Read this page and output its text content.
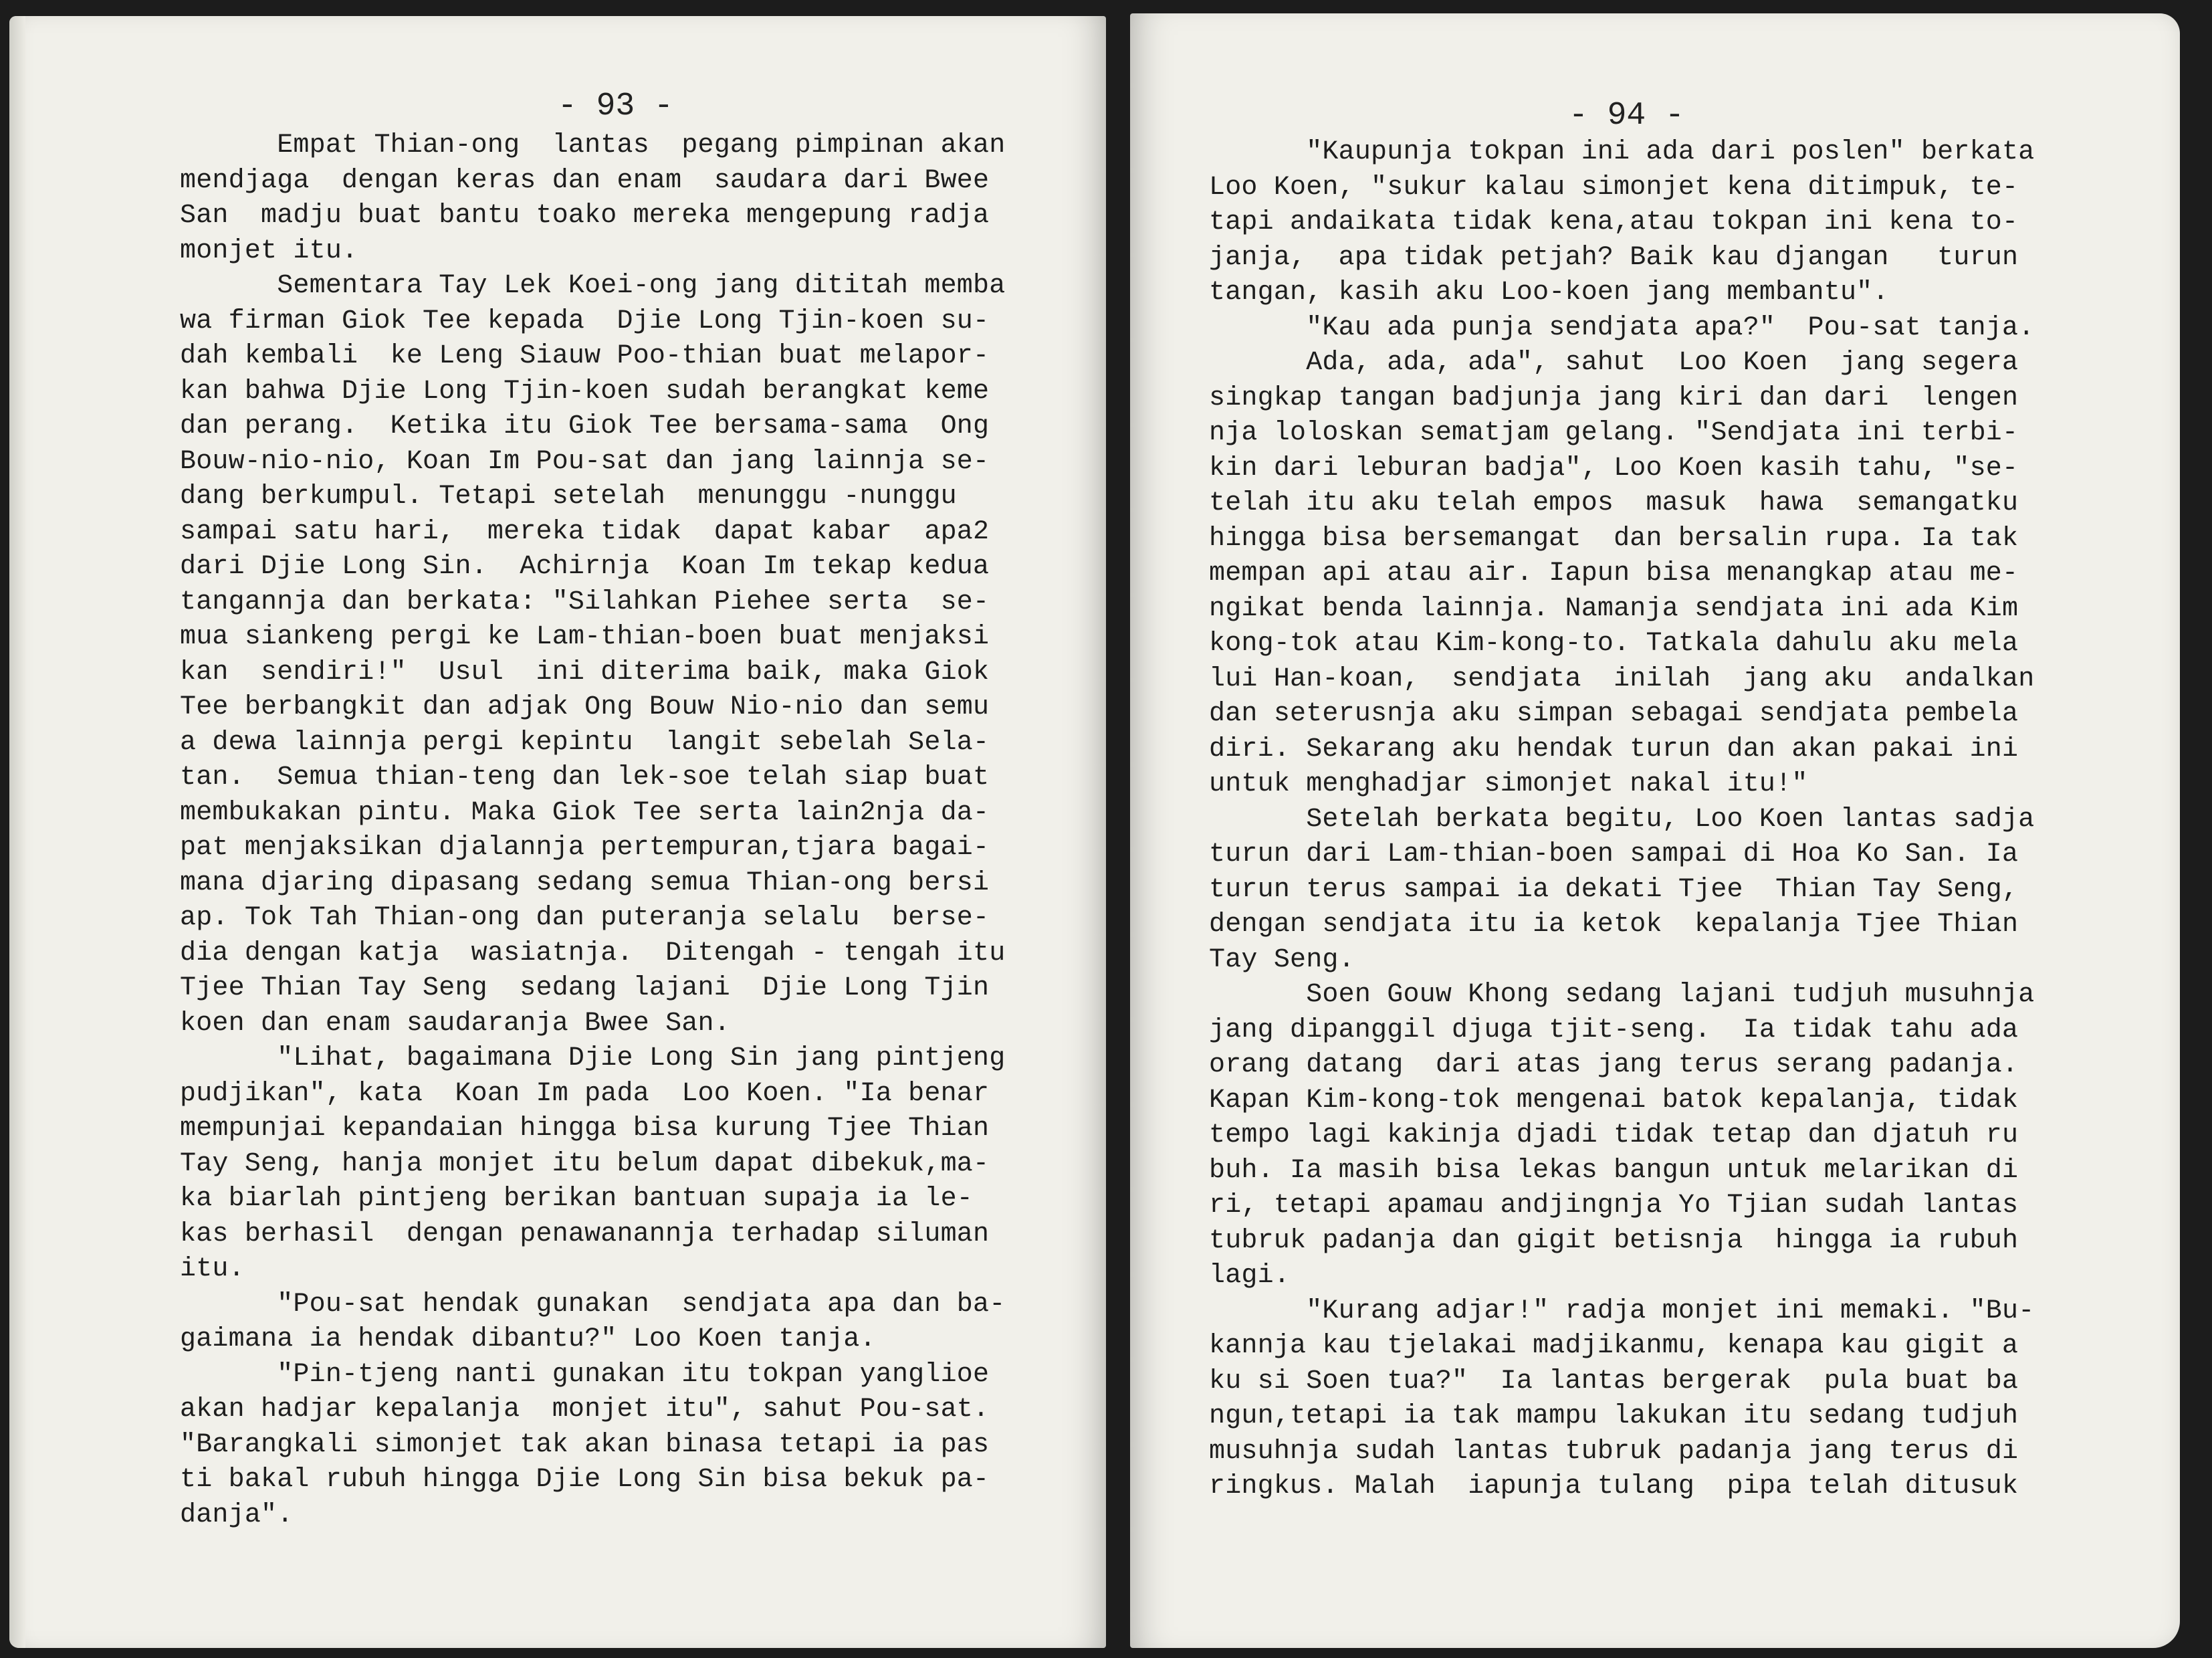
- 93 -
Empat Thian-ong  lantas  pegang pimpinan akan
mendjaga  dengan keras dan enam  saudara dari Bwee
San  madju buat bantu toako mereka mengepung radja
monjet itu.
Sementara Tay Lek Koei-ong jang dititah memba
wa firman Giok Tee kepada  Djie Long Tjin-koen su-
dah kembali  ke Leng Siauw Poo-thian buat melapor-
kan bahwa Djie Long Tjin-koen sudah berangkat keme
dan perang.  Ketika itu Giok Tee bersama-sama  Ong
Bouw-nio-nio, Koan Im Pou-sat dan jang lainnja se-
dang berkumpul. Tetapi setelah  menunggu -nunggu
sampai satu hari,  mereka tidak  dapat kabar  apa2
dari Djie Long Sin.  Achirnja  Koan Im tekap kedua
tangannja dan berkata: "Silahkan Piehee serta  se-
mua siankeng pergi ke Lam-thian-boen buat menjaksi
kan  sendiri!"  Usul  ini diterima baik, maka Giok
Tee berbangkit dan adjak Ong Bouw Nio-nio dan semu
a dewa lainnja pergi kepintu  langit sebelah Sela-
tan.  Semua thian-teng dan lek-soe telah siap buat
membukakan pintu. Maka Giok Tee serta lain2nja da-
pat menjaksikan djalannja pertempuran,tjara bagai-
mana djaring dipasang sedang semua Thian-ong bersi
ap. Tok Tah Thian-ong dan puteranja selalu  berse-
dia dengan katja  wasiatnja.  Ditengah - tengah itu
Tjee Thian Tay Seng  sedang lajani  Djie Long Tjin
koen dan enam saudaranja Bwee San.
"Lihat, bagaimana Djie Long Sin jang pintjeng
pudjikan", kata  Koan Im pada  Loo Koen. "Ia benar
mempunjai kepandaian hingga bisa kurung Tjee Thian
Tay Seng, hanja monjet itu belum dapat dibekuk,ma-
ka biarlah pintjeng berikan bantuan supaja ia le-
kas berhasil  dengan penawanannja terhadap siluman
itu.
"Pou-sat hendak gunakan  sendjata apa dan ba-
gaimana ia hendak dibantu?" Loo Koen tanja.
"Pin-tjeng nanti gunakan itu tokpan yanglioe
akan hadjar kepalanja  monjet itu", sahut Pou-sat.
"Barangkali simonjet tak akan binasa tetapi ia pas
ti bakal rubuh hingga Djie Long Sin bisa bekuk pa-
danja".
- 94 -
"Kaupunja tokpan ini ada dari poslen" berkata
Loo Koen, "sukur kalau simonjet kena ditimpuk, te-
tapi andaikata tidak kena,atau tokpan ini kena to-
janja,  apa tidak petjah? Baik kau djangan   turun
tangan, kasih aku Loo-koen jang membantu".
"Kau ada punja sendjata apa?"  Pou-sat tanja.
Ada, ada, ada", sahut  Loo Koen  jang segera
singkap tangan badjunja jang kiri dan dari  lengen
nja loloskan sematjam gelang. "Sendjata ini terbi-
kin dari leburan badja", Loo Koen kasih tahu, "se-
telah itu aku telah empos  masuk  hawa  semangatku
hingga bisa bersemangat  dan bersalin rupa. Ia tak
mempan api atau air. Iapun bisa menangkap atau me-
ngikat benda lainnja. Namanja sendjata ini ada Kim
kong-tok atau Kim-kong-to. Tatkala dahulu aku mela
lui Han-koan,  sendjata  inilah  jang aku  andalkan
dan seterusnja aku simpan sebagai sendjata pembela
diri. Sekarang aku hendak turun dan akan pakai ini
untuk menghadjar simonjet nakal itu!"
Setelah berkata begitu, Loo Koen lantas sadja
turun dari Lam-thian-boen sampai di Hoa Ko San. Ia
turun terus sampai ia dekati Tjee  Thian Tay Seng,
dengan sendjata itu ia ketok  kepalanja Tjee Thian
Tay Seng.
Soen Gouw Khong sedang lajani tudjuh musuhnja
jang dipanggil djuga tjit-seng.  Ia tidak tahu ada
orang datang  dari atas jang terus serang padanja.
Kapan Kim-kong-tok mengenai batok kepalanja, tidak
tempo lagi kakinja djadi tidak tetap dan djatuh ru
buh. Ia masih bisa lekas bangun untuk melarikan di
ri, tetapi apamau andjingnja Yo Tjian sudah lantas
tubruk padanja dan gigit betisnja  hingga ia rubuh
lagi.
"Kurang adjar!" radja monjet ini memaki. "Bu-
kannja kau tjelakai madjikanmu, kenapa kau gigit a
ku si Soen tua?"  Ia lantas bergerak  pula buat ba
ngun,tetapi ia tak mampu lakukan itu sedang tudjuh
musuhnja sudah lantas tubruk padanja jang terus di
ringkus. Malah  iapunja tulang  pipa telah ditusuk
